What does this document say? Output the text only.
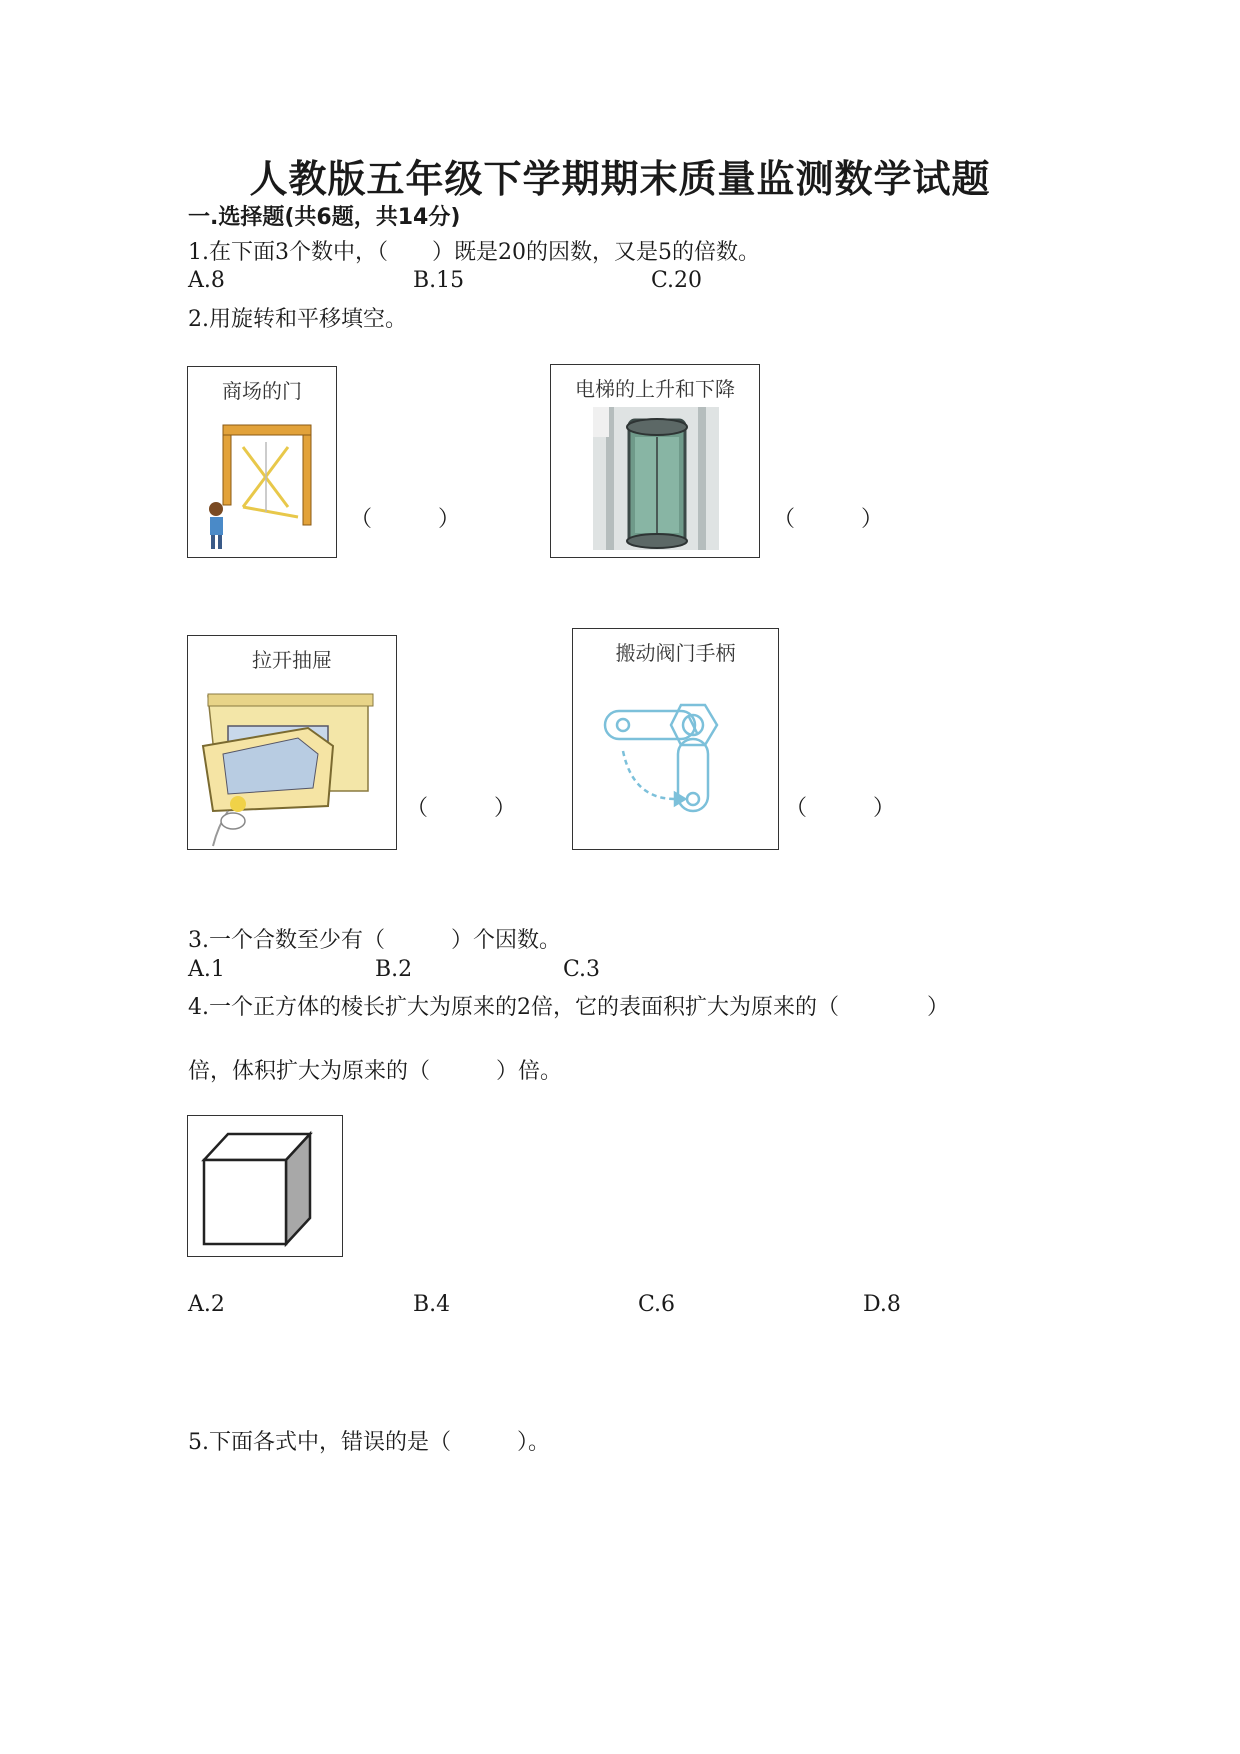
人教版五年级下学期期末质量监测数学试题
一.选择题(共6题，共14分)
1.在下面3个数中，（　　）既是20的因数，又是5的倍数。
A.8	B.15	C.20
2.用旋转和平移填空。
商场的门
（　　　）
电梯的上升和下降
（　　　）
拉开抽屉
（　　　）
搬动阀门手柄
（　　　）
3.一个合数至少有（　　　）个因数。
A.1	B.2	C.3
4.一个正方体的棱长扩大为原来的2倍，它的表面积扩大为原来的（　　　　）
倍，体积扩大为原来的（　　　）倍。
A.2	B.4	C.6	D.8
5.下面各式中，错误的是（　　　）。
